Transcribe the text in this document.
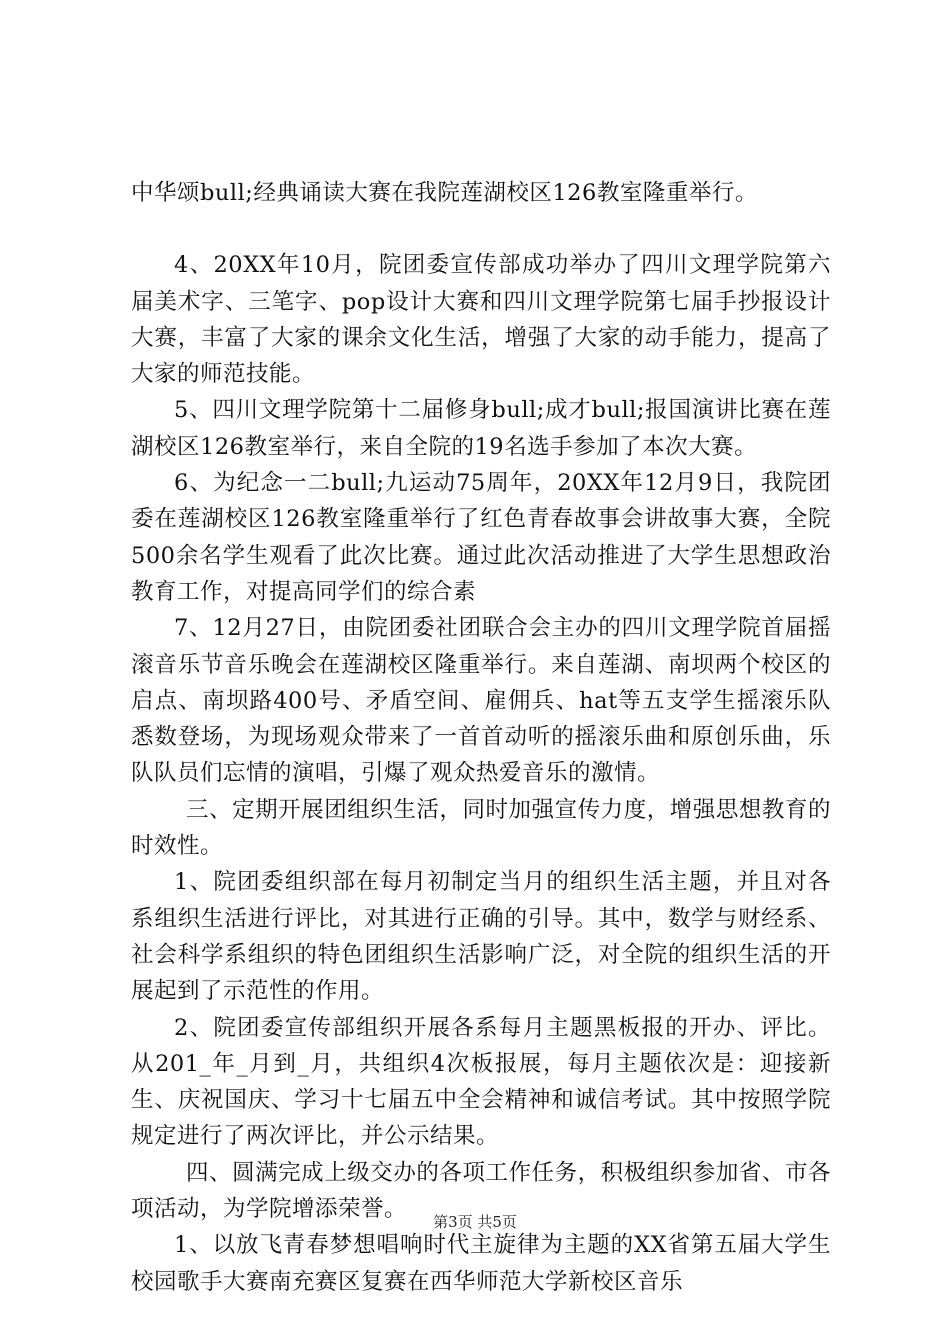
中华颂bull;经典诵读大赛在我院莲湖校区126教室隆重举行。

4、20XX年10月，院团委宣传部成功举办了四川文理学院第六届美术字、三笔字、pop设计大赛和四川文理学院第七届手抄报设计大赛，丰富了大家的课余文化生活，增强了大家的动手能力，提高了大家的师范技能。

5、四川文理学院第十二届修身bull;成才bull;报国演讲比赛在莲湖校区126教室举行，来自全院的19名选手参加了本次大赛。

6、为纪念一二bull;九运动75周年，20XX年12月9日，我院团委在莲湖校区126教室隆重举行了红色青春故事会讲故事大赛，全院500余名学生观看了此次比赛。通过此次活动推进了大学生思想政治教育工作，对提高同学们的综合素

7、12月27日，由院团委社团联合会主办的四川文理学院首届摇滚音乐节音乐晚会在莲湖校区隆重举行。来自莲湖、南坝两个校区的启点、南坝路400号、矛盾空间、雇佣兵、hat等五支学生摇滚乐队悉数登场，为现场观众带来了一首首动听的摇滚乐曲和原创乐曲，乐队队员们忘情的演唱，引爆了观众热爱音乐的激情。

三、定期开展团组织生活，同时加强宣传力度，增强思想教育的时效性。

1、院团委组织部在每月初制定当月的组织生活主题，并且对各系组织生活进行评比，对其进行正确的引导。其中，数学与财经系、社会科学系组织的特色团组织生活影响广泛，对全院的组织生活的开展起到了示范性的作用。

2、院团委宣传部组织开展各系每月主题黑板报的开办、评比。从201_年_月到_月，共组织4次板报展，每月主题依次是：迎接新生、庆祝国庆、学习十七届五中全会精神和诚信考试。其中按照学院规定进行了两次评比，并公示结果。

四、圆满完成上级交办的各项工作任务，积极组织参加省、市各项活动，为学院增添荣誉。

1、以放飞青春梦想唱响时代主旋律为主题的XX省第五届大学生校园歌手大赛南充赛区复赛在西华师范大学新校区音乐

第3页 共5页
